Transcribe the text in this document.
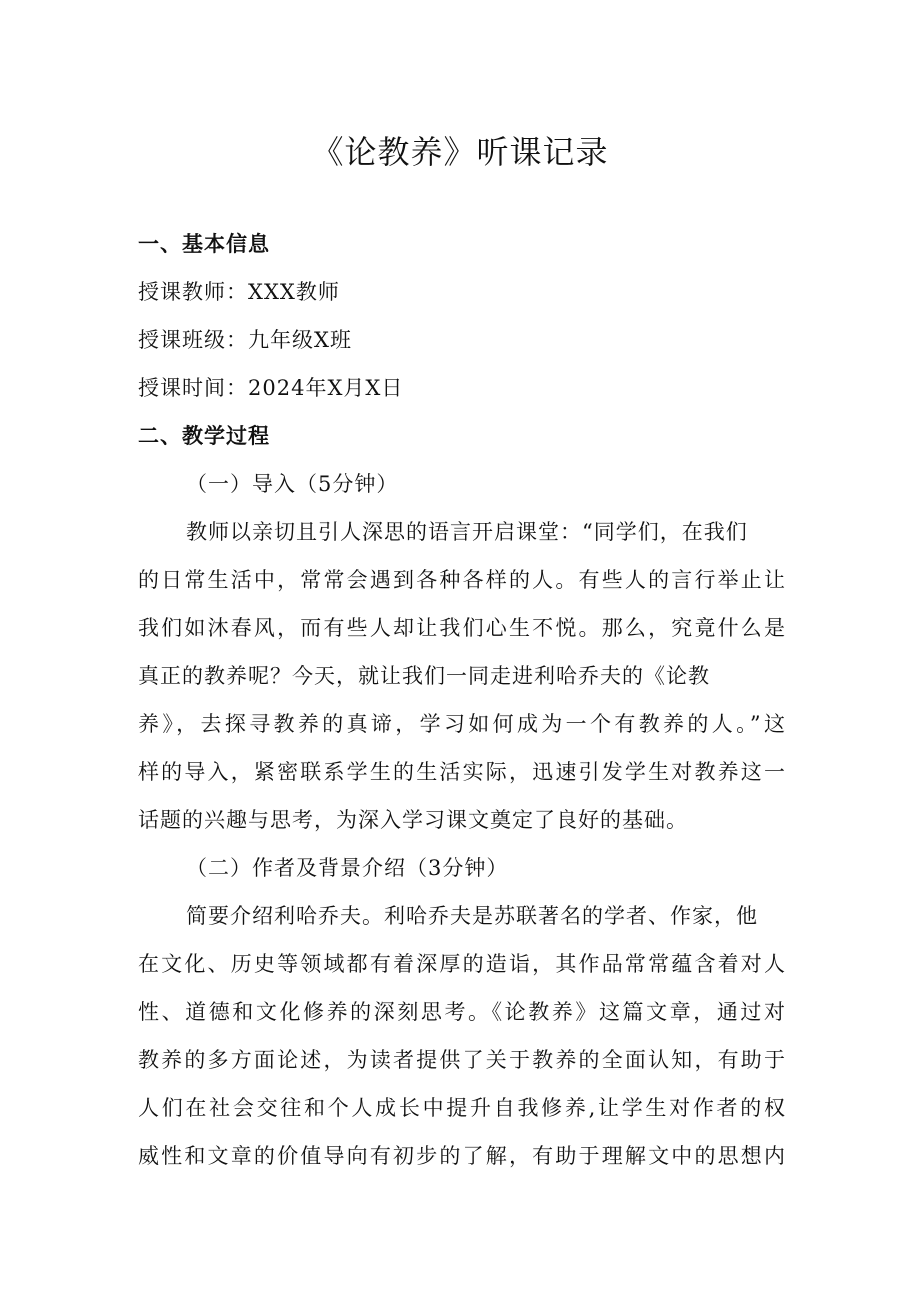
《论教养》听课记录
一、基本信息
授课教师：XXX教师
授课班级：九年级X班
授课时间：2024年X月X日
二、教学过程
（一）导入（5分钟）
教师以亲切且引人深思的语言开启课堂：“同学们，在我们
的日常生活中，常常会遇到各种各样的人。有些人的言行举止让
我们如沐春风，而有些人却让我们心生不悦。那么，究竟什么是
真正的教养呢？今天，就让我们一同走进利哈乔夫的《论教
养》，去探寻教养的真谛，学习如何成为一个有教养的人。”这
样的导入，紧密联系学生的生活实际，迅速引发学生对教养这一
话题的兴趣与思考，为深入学习课文奠定了良好的基础。
（二）作者及背景介绍（3分钟）
简要介绍利哈乔夫。利哈乔夫是苏联著名的学者、作家，他
在文化、历史等领域都有着深厚的造诣，其作品常常蕴含着对人
性、道德和文化修养的深刻思考。《论教养》这篇文章，通过对
教养的多方面论述，为读者提供了关于教养的全面认知，有助于
人们在社会交往和个人成长中提升自我修养,让学生对作者的权
威性和文章的价值导向有初步的了解，有助于理解文中的思想内
